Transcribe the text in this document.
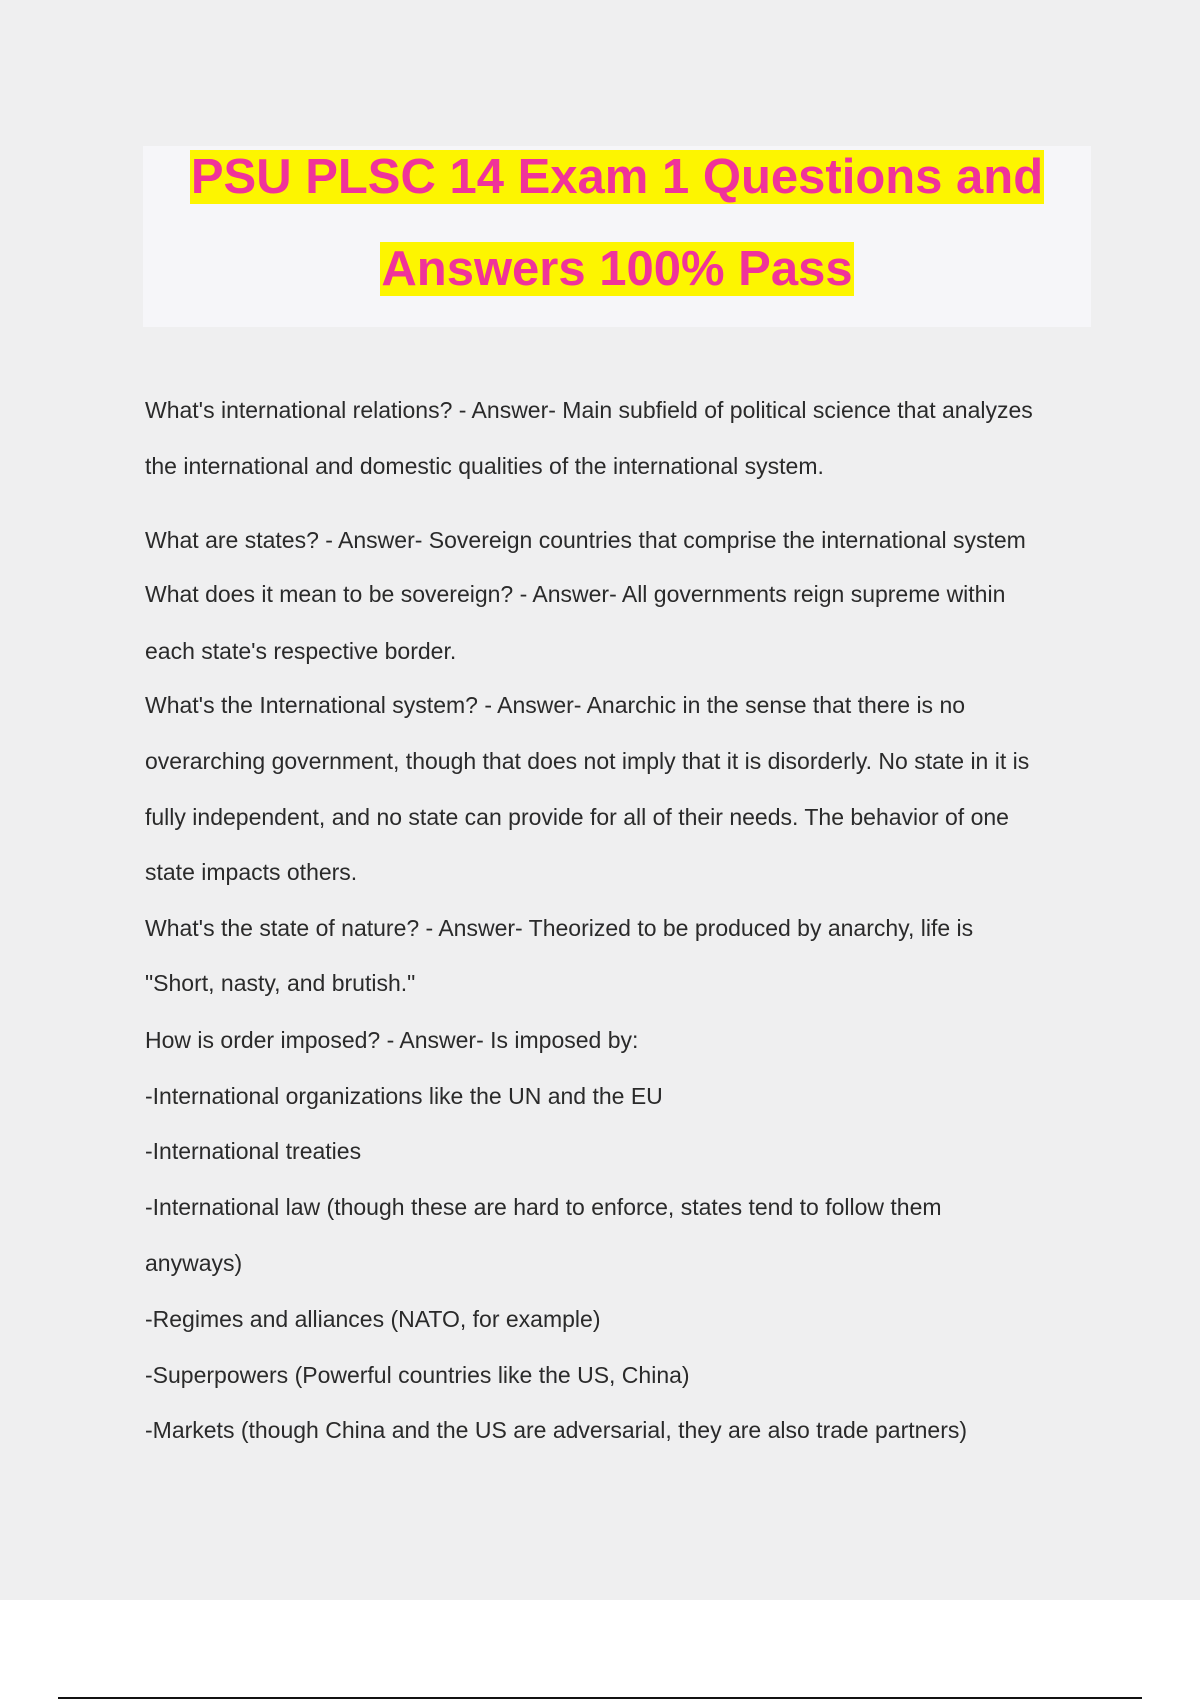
PSU PLSC 14 Exam 1 Questions and
Answers 100% Pass
What's international relations? - Answer- Main subfield of political science that analyzes
the international and domestic qualities of the international system.
What are states? - Answer- Sovereign countries that comprise the international system
What does it mean to be sovereign? - Answer- All governments reign supreme within
each state's respective border.
What's the International system? - Answer- Anarchic in the sense that there is no
overarching government, though that does not imply that it is disorderly. No state in it is
fully independent, and no state can provide for all of their needs. The behavior of one
state impacts others.
What's the state of nature? - Answer- Theorized to be produced by anarchy, life is
"Short, nasty, and brutish."
How is order imposed? - Answer- Is imposed by:
-International organizations like the UN and the EU
-International treaties
-International law (though these are hard to enforce, states tend to follow them
anyways)
-Regimes and alliances (NATO, for example)
-Superpowers (Powerful countries like the US, China)
-Markets (though China and the US are adversarial, they are also trade partners)
